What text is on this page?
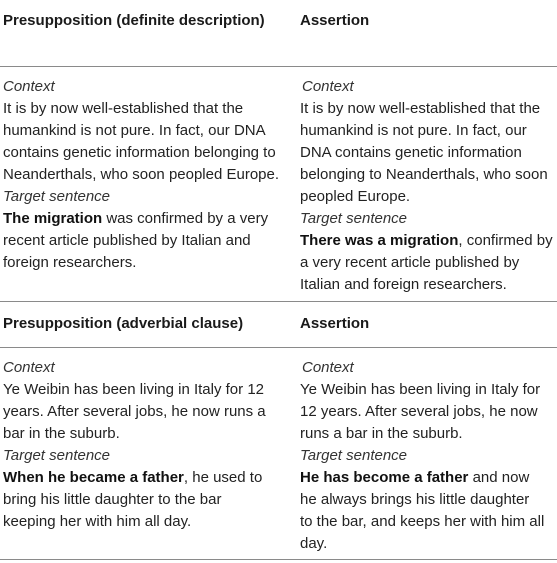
Presupposition (definite description)	Assertion

Context

It is by now well-established that the humankind is not pure. In fact, our DNA contains genetic information belonging to Neanderthals, who soon peopled Europe.

Target sentence

The migration was confirmed by a very recent article published by Italian and foreign researchers.

Context

It is by now well-established that the humankind is not pure. In fact, our DNA contains genetic information belonging to Neanderthals, who soon peopled Europe.

Target sentence

There was a migration, confirmed by a very recent article published by Italian and foreign researchers.

Presupposition (adverbial clause)	Assertion

Context

Ye Weibin has been living in Italy for 12 years. After several jobs, he now runs a bar in the suburb.

Target sentence

When he became a father, he used to bring his little daughter to the bar keeping her with him all day.

Context

Ye Weibin has been living in Italy for 12 years. After several jobs, he now runs a bar in the suburb.

Target sentence

He has become a father and now he always brings his little daughter to the bar, and keeps her with him all day.
